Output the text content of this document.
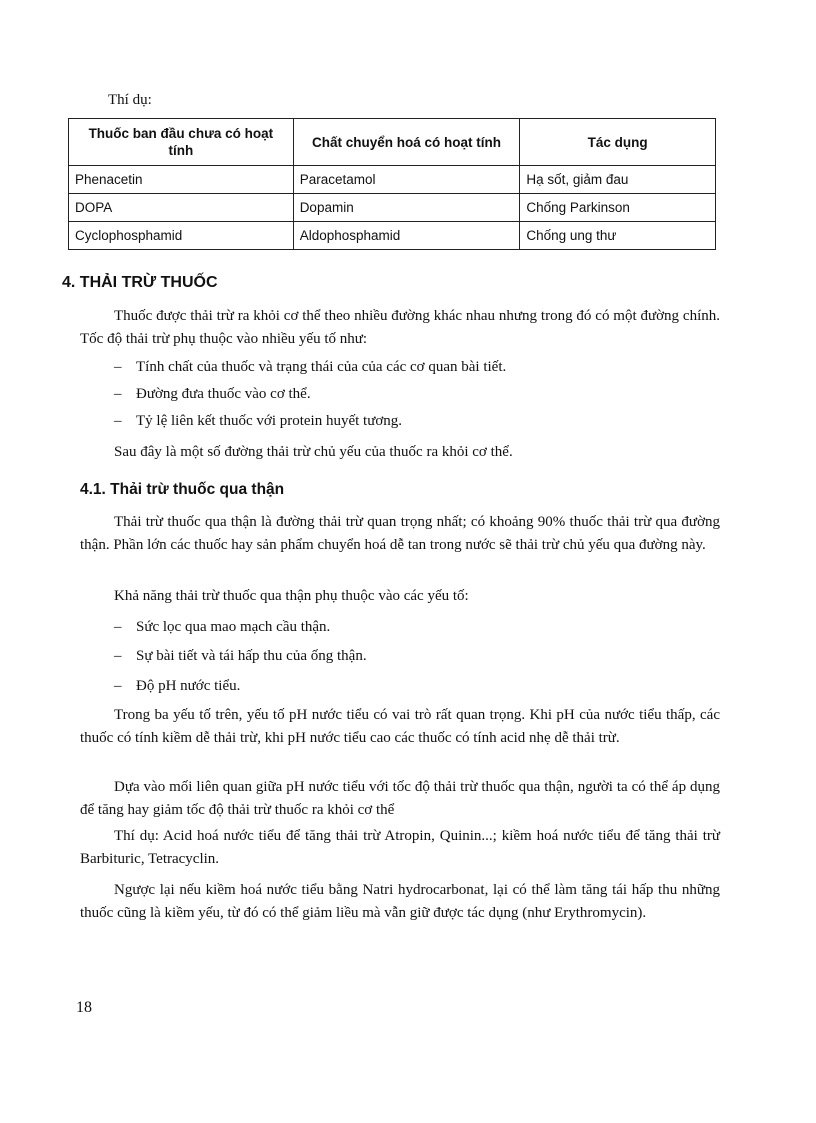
Thí dụ:
Thuốc ban đầu chưa có hoạt tính	Chất chuyển hoá có hoạt tính	Tác dụng
Phenacetin	Paracetamol	Hạ sốt, giảm đau
DOPA	Dopamin	Chống Parkinson
Cyclophosphamid	Aldophosphamid	Chống ung thư
4. THẢI TRỪ THUỐC

Thuốc được thải trừ ra khỏi cơ thể theo nhiều đường khác nhau nhưng trong đó có một đường chính. Tốc độ thải trừ phụ thuộc vào nhiều yếu tố như:

– Tính chất của thuốc và trạng thái của của các cơ quan bài tiết.

– Đường đưa thuốc vào cơ thể.

– Tỷ lệ liên kết thuốc với protein huyết tương.

Sau đây là một số đường thải trừ chủ yếu của thuốc ra khỏi cơ thể.

4.1. Thải trừ thuốc qua thận

Thải trừ thuốc qua thận là đường thải trừ quan trọng nhất; có khoảng 90% thuốc thải trừ qua đường thận. Phần lớn các thuốc hay sản phẩm chuyển hoá dễ tan trong nước sẽ thải trừ chủ yếu qua đường này.

Khả năng thải trừ thuốc qua thận phụ thuộc vào các yếu tố:

– Sức lọc qua mao mạch cầu thận.

– Sự bài tiết và tái hấp thu của ống thận.

– Độ pH nước tiểu.

Trong ba yếu tố trên, yếu tố pH nước tiểu có vai trò rất quan trọng. Khi pH của nước tiểu thấp, các thuốc có tính kiềm dễ thải trừ, khi pH nước tiểu cao các thuốc có tính acid nhẹ dễ thải trừ.

Dựa vào mối liên quan giữa pH nước tiểu với tốc độ thải trừ thuốc qua thận, người ta có thể áp dụng để tăng hay giảm tốc độ thải trừ thuốc ra khỏi cơ thể

Thí dụ: Acid hoá nước tiểu để tăng thải trừ Atropin, Quinin...; kiềm hoá nước tiểu để tăng thải trừ Barbituric, Tetracyclin.

Ngược lại nếu kiềm hoá nước tiểu bằng Natri hydrocarbonat, lại có thể làm tăng tái hấp thu những thuốc cũng là kiềm yếu, từ đó có thể giảm liều mà vẫn giữ được tác dụng (như Erythromycin).

18
